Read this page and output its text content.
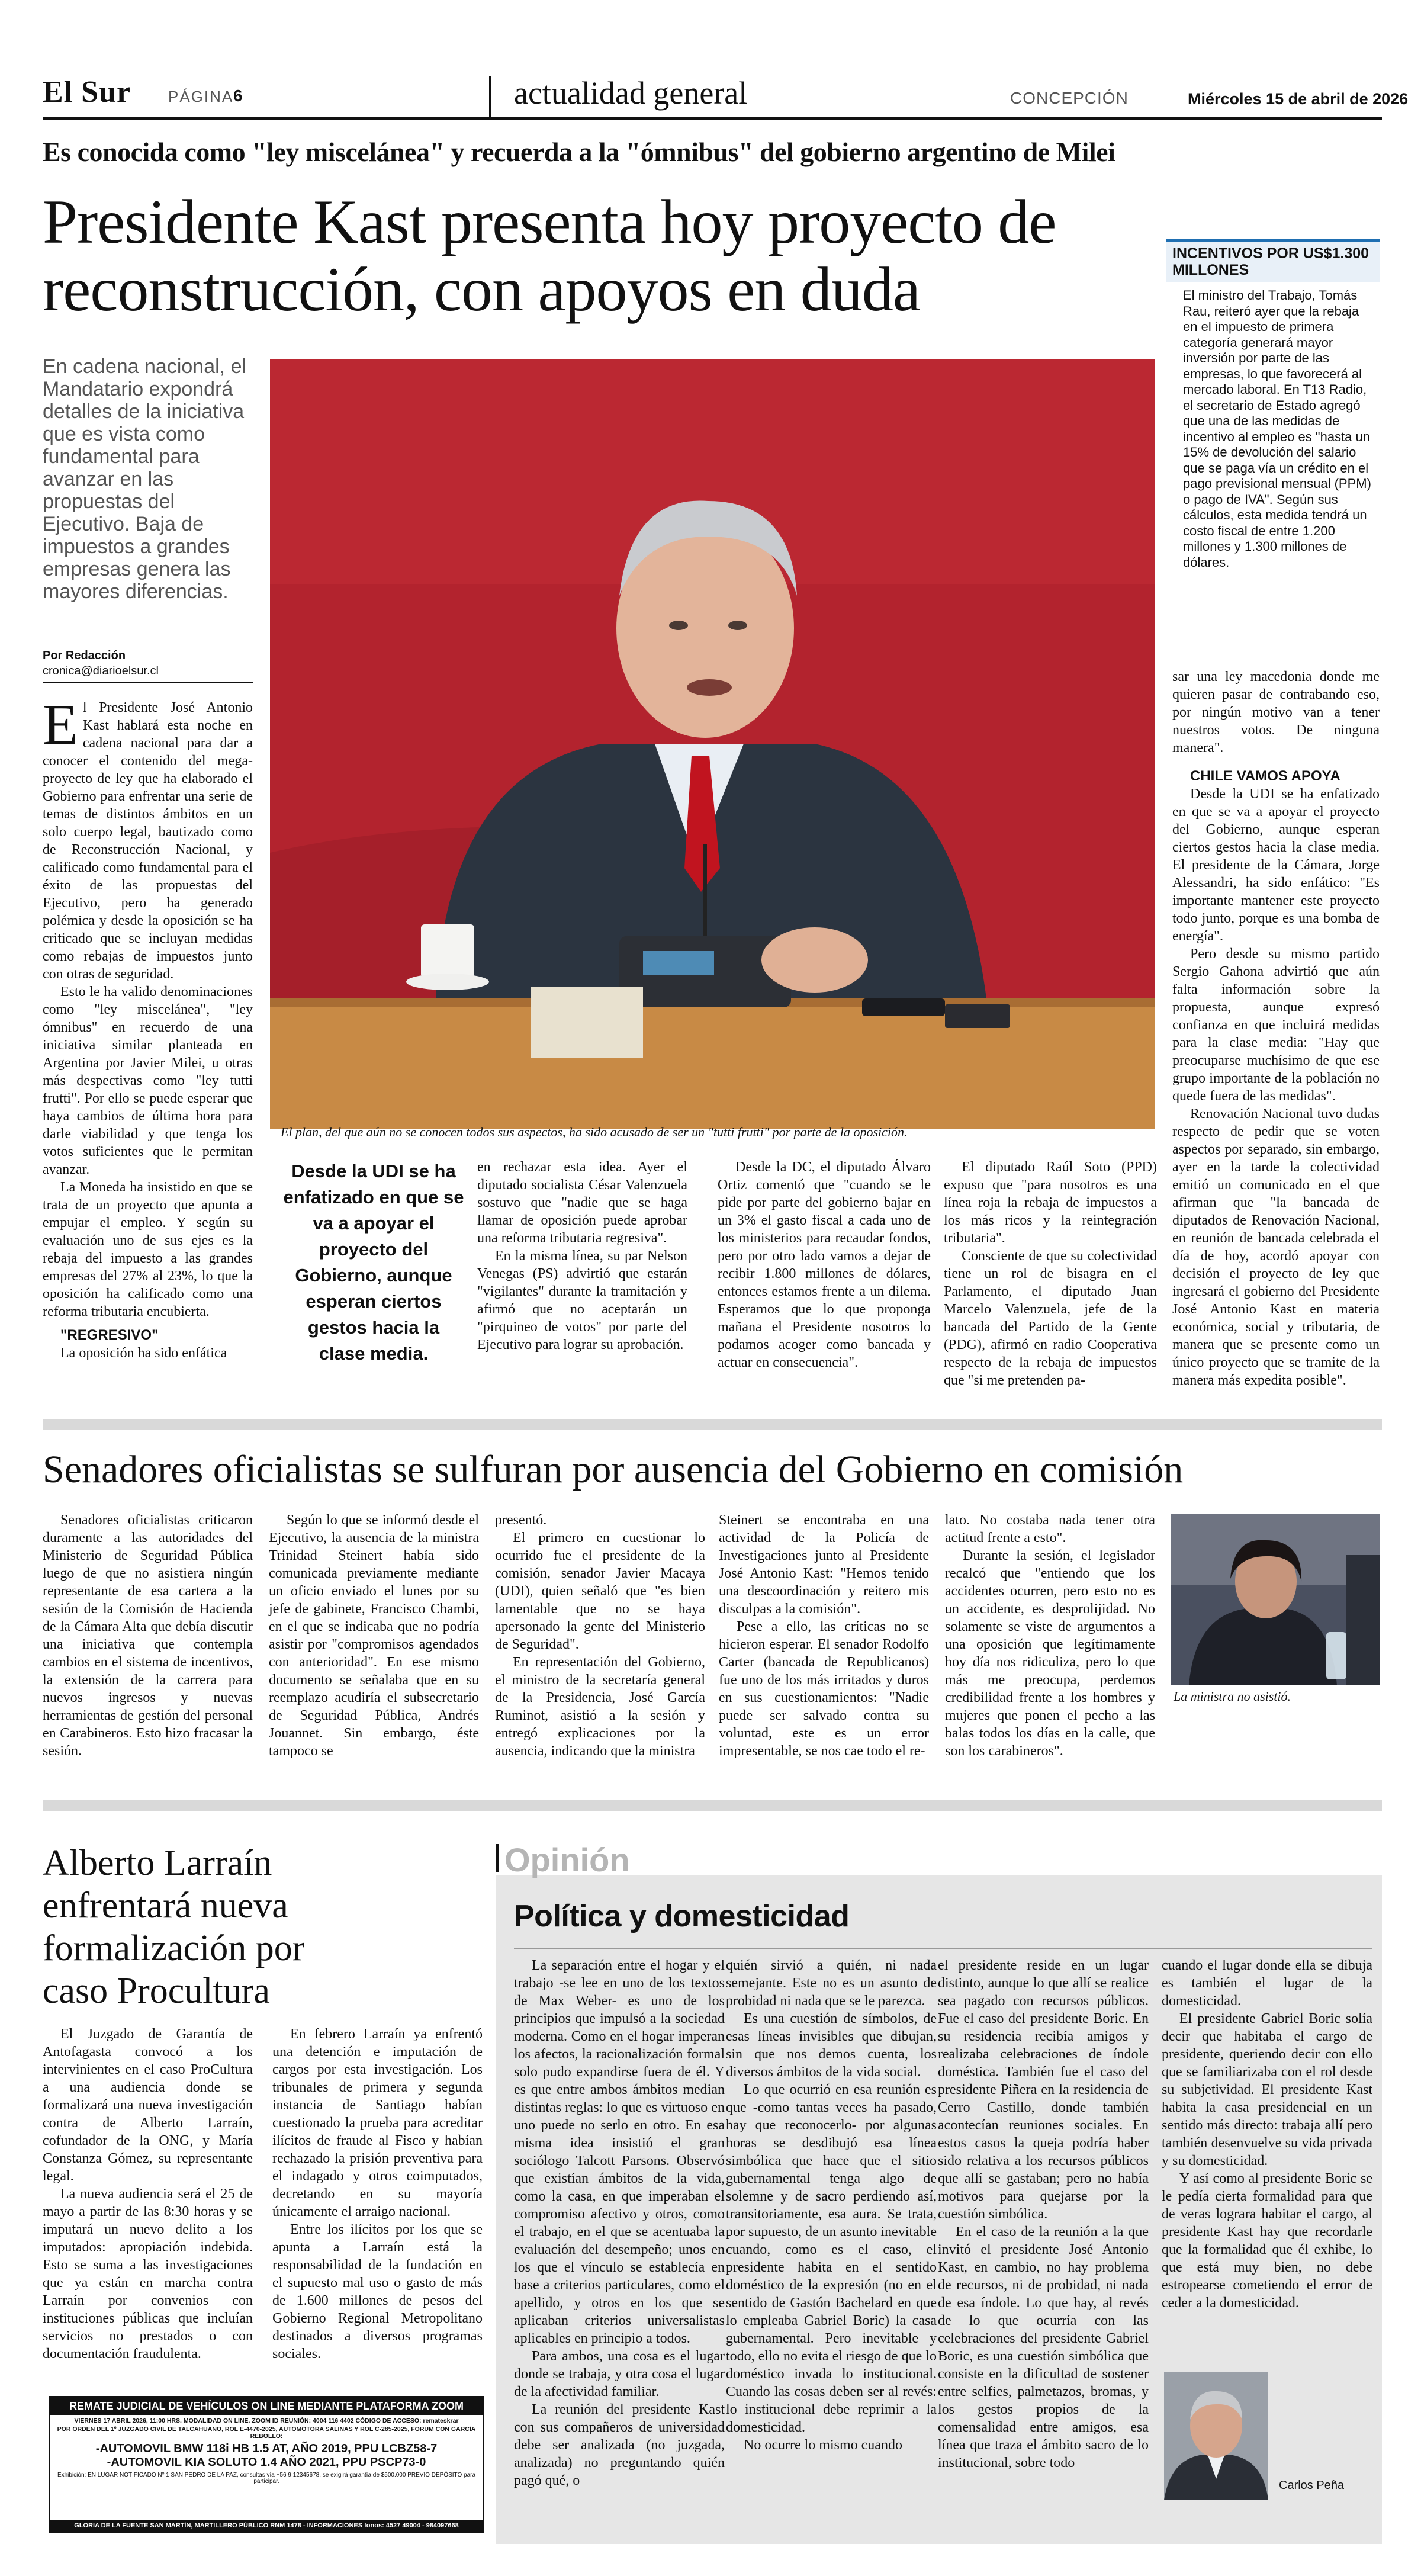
El Sur PÁGINA 6	actualidad general	CONCEPCIÓN	Miércoles 15 de abril de 2026
Es conocida como "ley miscelánea" y recuerda a la "ómnibus" del gobierno argentino de Milei
Presidente Kast presenta hoy proyecto de reconstrucción, con apoyos en duda
En cadena nacional, el Mandatario expondrá detalles de la iniciativa que es vista como fundamental para avanzar en las propuestas del Ejecutivo. Baja de impuestos a grandes empresas genera las mayores diferencias.
Por Redacción
cronica@diarioelsur.cl
El plan, del que aún no se conocen todos sus aspectos, ha sido acusado de ser un "tutti frutti" por parte de la oposición.
INCENTIVOS POR US$1.300 MILLONES
El ministro del Trabajo, Tomás Rau, reiteró ayer que la rebaja en el impuesto de primera categoría generará mayor inversión por parte de las empresas, lo que favorecerá al mercado laboral. En T13 Radio, el secretario de Estado agregó que una de las medidas de incentivo al empleo es "hasta un 15% de devolución del salario que se paga vía un crédito en el pago previsional mensual (PPM) o pago de IVA". Según sus cálculos, esta medida tendrá un costo fiscal de entre 1.200 millones y 1.300 millones de dólares.

El Presidente José Antonio Kast hablará esta noche en cadena nacional para dar a conocer el contenido del mega-proyecto de ley que ha elaborado el Gobierno para enfrentar una serie de temas de distintos ámbitos en un solo cuerpo legal, bautizado como de Reconstrucción Nacional, y calificado como fundamental para el éxito de las propuestas del Ejecutivo, pero ha generado polémica y desde la oposición se ha criticado que se incluyan medidas como rebajas de impuestos junto con otras de seguridad.

Esto le ha valido denominaciones como "ley miscelánea", "ley ómnibus" en recuerdo de una iniciativa similar planteada en Argentina por Javier Milei, u otras más despectivas como "ley tutti frutti". Por ello se puede esperar que haya cambios de última hora para darle viabilidad y que tenga los votos suficientes que le permitan avanzar.

La Moneda ha insistido en que se trata de un proyecto que apunta a empujar el empleo. Y según su evaluación uno de sus ejes es la rebaja del impuesto a las grandes empresas del 27% al 23%, lo que la oposición ha calificado como una reforma tributaria encubierta.

"REGRESIVO"

La oposición ha sido enfática

Desde la UDI se ha enfatizado en que se va a apoyar el proyecto del Gobierno, aunque esperan ciertos gestos hacia la clase media.

en rechazar esta idea. Ayer el diputado socialista César Valenzuela sostuvo que "nadie que se haga llamar de oposición puede aprobar una reforma tributaria regresiva".

En la misma línea, su par Nelson Venegas (PS) advirtió que estarán "vigilantes" durante la tramitación y afirmó que no aceptarán un "pirquineo de votos" por parte del Ejecutivo para lograr su aprobación.

Desde la DC, el diputado Álvaro Ortiz comentó que "cuando se le pide por parte del gobierno bajar en un 3% el gasto fiscal a cada uno de los ministerios para recaudar fondos, pero por otro lado vamos a dejar de recibir 1.800 millones de dólares, entonces estamos frente a un dilema. Esperamos que lo que proponga mañana el Presidente nosotros lo podamos acoger como bancada y actuar en consecuencia".

El diputado Raúl Soto (PPD) expuso que "para nosotros es una línea roja la rebaja de impuestos a los más ricos y la reintegración tributaria".

Consciente de que su colectividad tiene un rol de bisagra en el Parlamento, el diputado Juan Marcelo Valenzuela, jefe de la bancada del Partido de la Gente (PDG), afirmó en radio Cooperativa respecto de la rebaja de impuestos que "si me pretenden pa-

sar una ley macedonia donde me quieren pasar de contrabando eso, por ningún motivo van a tener nuestros votos. De ninguna manera".

CHILE VAMOS APOYA

Desde la UDI se ha enfatizado en que se va a apoyar el proyecto del Gobierno, aunque esperan ciertos gestos hacia la clase media. El presidente de la Cámara, Jorge Alessandri, ha sido enfático: "Es importante mantener este proyecto todo junto, porque es una bomba de energía".

Pero desde su mismo partido Sergio Gahona advirtió que aún falta información sobre la propuesta, aunque expresó confianza en que incluirá medidas para la clase media: "Hay que preocuparse muchísimo de que ese grupo importante de la población no quede fuera de las medidas".

Renovación Nacional tuvo dudas respecto de pedir que se voten aspectos por separado, sin embargo, ayer en la tarde la colectividad emitió un comunicado en el que afirman que "la bancada de diputados de Renovación Nacional, en reunión de bancada celebrada el día de hoy, acordó apoyar con decisión el proyecto de ley que ingresará el gobierno del Presidente José Antonio Kast en materia económica, social y tributaria, de manera que se presente como un único proyecto que se tramite de la manera más expedita posible".

Senadores oficialistas se sulfuran por ausencia del Gobierno en comisión

Senadores oficialistas criticaron duramente a las autoridades del Ministerio de Seguridad Pública luego de que no asistiera ningún representante de esa cartera a la sesión de la Comisión de Hacienda de la Cámara Alta que debía discutir una iniciativa que contempla cambios en el sistema de incentivos, la extensión de la carrera para nuevos ingresos y nuevas herramientas de gestión del personal en Carabineros. Esto hizo fracasar la sesión.

Según lo que se informó desde el Ejecutivo, la ausencia de la ministra Trinidad Steinert había sido comunicada previamente mediante un oficio enviado el lunes por su jefe de gabinete, Francisco Chambi, en el que se indicaba que no podría asistir por "compromisos agendados con anterioridad". En ese mismo documento se señalaba que en su reemplazo acudiría el subsecretario de Seguridad Pública, Andrés Jouannet. Sin embargo, éste tampoco se

presentó.

El primero en cuestionar lo ocurrido fue el presidente de la comisión, senador Javier Macaya (UDI), quien señaló que "es bien lamentable que no se haya apersonado la gente del Ministerio de Seguridad".

En representación del Gobierno, el ministro de la secretaría general de la Presidencia, José García Ruminot, asistió a la sesión y entregó explicaciones por la ausencia, indicando que la ministra

Steinert se encontraba en una actividad de la Policía de Investigaciones junto al Presidente José Antonio Kast: "Hemos tenido una descoordinación y reitero mis disculpas a la comisión".

Pese a ello, las críticas no se hicieron esperar. El senador Rodolfo Carter (bancada de Republicanos) fue uno de los más irritados y duros en sus cuestionamientos: "Nadie puede ser salvado contra su voluntad, este es un error impresentable, se nos cae todo el re-

lato. No costaba nada tener otra actitud frente a esto".

Durante la sesión, el legislador recalcó que "entiendo que los accidentes ocurren, pero esto no es un accidente, es desprolijidad. No solamente se viste de argumentos a una oposición que legítimamente hoy día nos ridiculiza, pero lo que más me preocupa, perdemos credibilidad frente a los hombres y mujeres que ponen el pecho a las balas todos los días en la calle, que son los carabineros".

La ministra no asistió.
Alberto Larraín enfrentará nueva formalización por caso Procultura

El Juzgado de Garantía de Antofagasta convocó a los intervinientes en el caso ProCultura a una audiencia donde se formalizará una nueva investigación contra de Alberto Larraín, cofundador de la ONG, y María Constanza Gómez, su representante legal.

La nueva audiencia será el 25 de mayo a partir de las 8:30 horas y se imputará un nuevo delito a los imputados: apropiación indebida. Esto se suma a las investigaciones que ya están en marcha contra Larraín por convenios con instituciones públicas que incluían servicios no prestados o con documentación fraudulenta.

En febrero Larraín ya enfrentó una detención e imputación de cargos por esta investigación. Los tribunales de primera y segunda instancia de Santiago habían cuestionado la prueba para acreditar ilícitos de fraude al Fisco y habían rechazado la prisión preventiva para el indagado y otros coimputados, decretando en su mayoría únicamente el arraigo nacional.

Entre los ilícitos por los que se apunta a Larraín está la responsabilidad de la fundación en el supuesto mal uso o gasto de más de 1.600 millones de pesos del Gobierno Regional Metropolitano destinados a diversos programas sociales.

REMATE JUDICIAL DE VEHÍCULOS ON LINE MEDIANTE PLATAFORMA ZOOM
VIERNES 17 ABRIL 2026, 11:00 HRS. MODALIDAD ON LINE. ZOOM ID REUNIÓN: 4004 116 4402 CÓDIGO DE ACCESO: remateskrar
POR ORDEN DEL 1º JUZGADO CIVIL DE TALCAHUANO, ROL E-4470-2025, AUTOMOTORA SALINAS Y ROL C-285-2025, FORUM CON GARCÍA REBOLLO:
-AUTOMOVIL BMW 118i HB 1.5 AT, AÑO 2019, PPU LCBZ58-7
-AUTOMOVIL KIA SOLUTO 1.4 AÑO 2021, PPU PSCP73-0
Exhibición: EN LUGAR NOTIFICADO Nº 1 SAN PEDRO DE LA PAZ, consultas vía +56 9 12345678, se exigirá garantía de $500.000 PREVIO DEPÓSITO para participar.
GLORIA DE LA FUENTE SAN MARTÍN, MARTILLERO PÚBLICO RNM 1478 - INFORMACIONES fonos: 4527 49004 - 984097668
Opinión
Política y domesticidad

La separación entre el hogar y el trabajo -se lee en uno de los textos de Max Weber- es uno de los principios que impulsó a la sociedad moderna. Como en el hogar imperan los afectos, la racionalización formal solo pudo expandirse fuera de él. Y es que entre ambos ámbitos median distintas reglas: lo que es virtuoso en uno puede no serlo en otro. En esa misma idea insistió el gran sociólogo Talcott Parsons. Observó que existían ámbitos de la vida, como la casa, en que imperaban el compromiso afectivo y otros, como el trabajo, en el que se acentuaba la evaluación del desempeño; unos en los que el vínculo se establecía en base a criterios particulares, como el apellido, y otros en los que se aplicaban criterios universalistas aplicables en principio a todos.

Para ambos, una cosa es el lugar donde se trabaja, y otra cosa el lugar de la afectividad familiar.

La reunión del presidente Kast con sus compañeros de universidad debe ser analizada (no juzgada, analizada) no preguntando quién pagó qué, o

quién sirvió a quién, ni nada semejante. Este no es un asunto de probidad ni nada que se le parezca.

Es una cuestión de símbolos, de esas líneas invisibles que dibujan, sin que nos demos cuenta, los diversos ámbitos de la vida social.

Lo que ocurrió en esa reunión es que -como tantas veces ha pasado, hay que reconocerlo- por algunas horas se desdibujó esa línea simbólica que hace que el sitio gubernamental tenga algo de solemne y de sacro perdiendo así, transitoriamente, esa aura. Se trata, por supuesto, de un asunto inevitable cuando, como es el caso, el presidente habita en el sentido doméstico de la expresión (no en el sentido de Gastón Bachelard en que lo empleaba Gabriel Boric) la casa gubernamental. Pero inevitable y todo, ello no evita el riesgo de que lo doméstico invada lo institucional. Cuando las cosas deben ser al revés: lo institucional debe reprimir a la domesticidad.

No ocurre lo mismo cuando

el presidente reside en un lugar distinto, aunque lo que allí se realice sea pagado con recursos públicos. Fue el caso del presidente Boric. En su residencia recibía amigos y realizaba celebraciones de índole doméstica. También fue el caso del presidente Piñera en la residencia de Cerro Castillo, donde también acontecían reuniones sociales. En estos casos la queja podría haber sido relativa a los recursos públicos que allí se gastaban; pero no había motivos para quejarse por la cuestión simbólica.

En el caso de la reunión a la que invitó el presidente José Antonio Kast, en cambio, no hay problema de recursos, ni de probidad, ni nada de esa índole. Lo que hay, al revés de lo que ocurría con las celebraciones del presidente Gabriel Boric, es una cuestión simbólica que consiste en la dificultad de sostener entre selfies, palmetazos, bromas, y los gestos propios de la comensalidad entre amigos, esa línea que traza el ámbito sacro de lo institucional, sobre todo

cuando el lugar donde ella se dibuja es también el lugar de la domesticidad.

El presidente Gabriel Boric solía decir que habitaba el cargo de presidente, queriendo decir con ello que se familiarizaba con el rol desde su subjetividad. El presidente Kast habita la casa presidencial en un sentido más directo: trabaja allí pero también desenvuelve su vida privada y su domesticidad.

Y así como al presidente Boric se le pedía cierta formalidad para que de veras lograra habitar el cargo, al presidente Kast hay que recordarle que la formalidad que él exhibe, lo que está muy bien, no debe estropearse cometiendo el error de ceder a la domesticidad.

Carlos Peña
